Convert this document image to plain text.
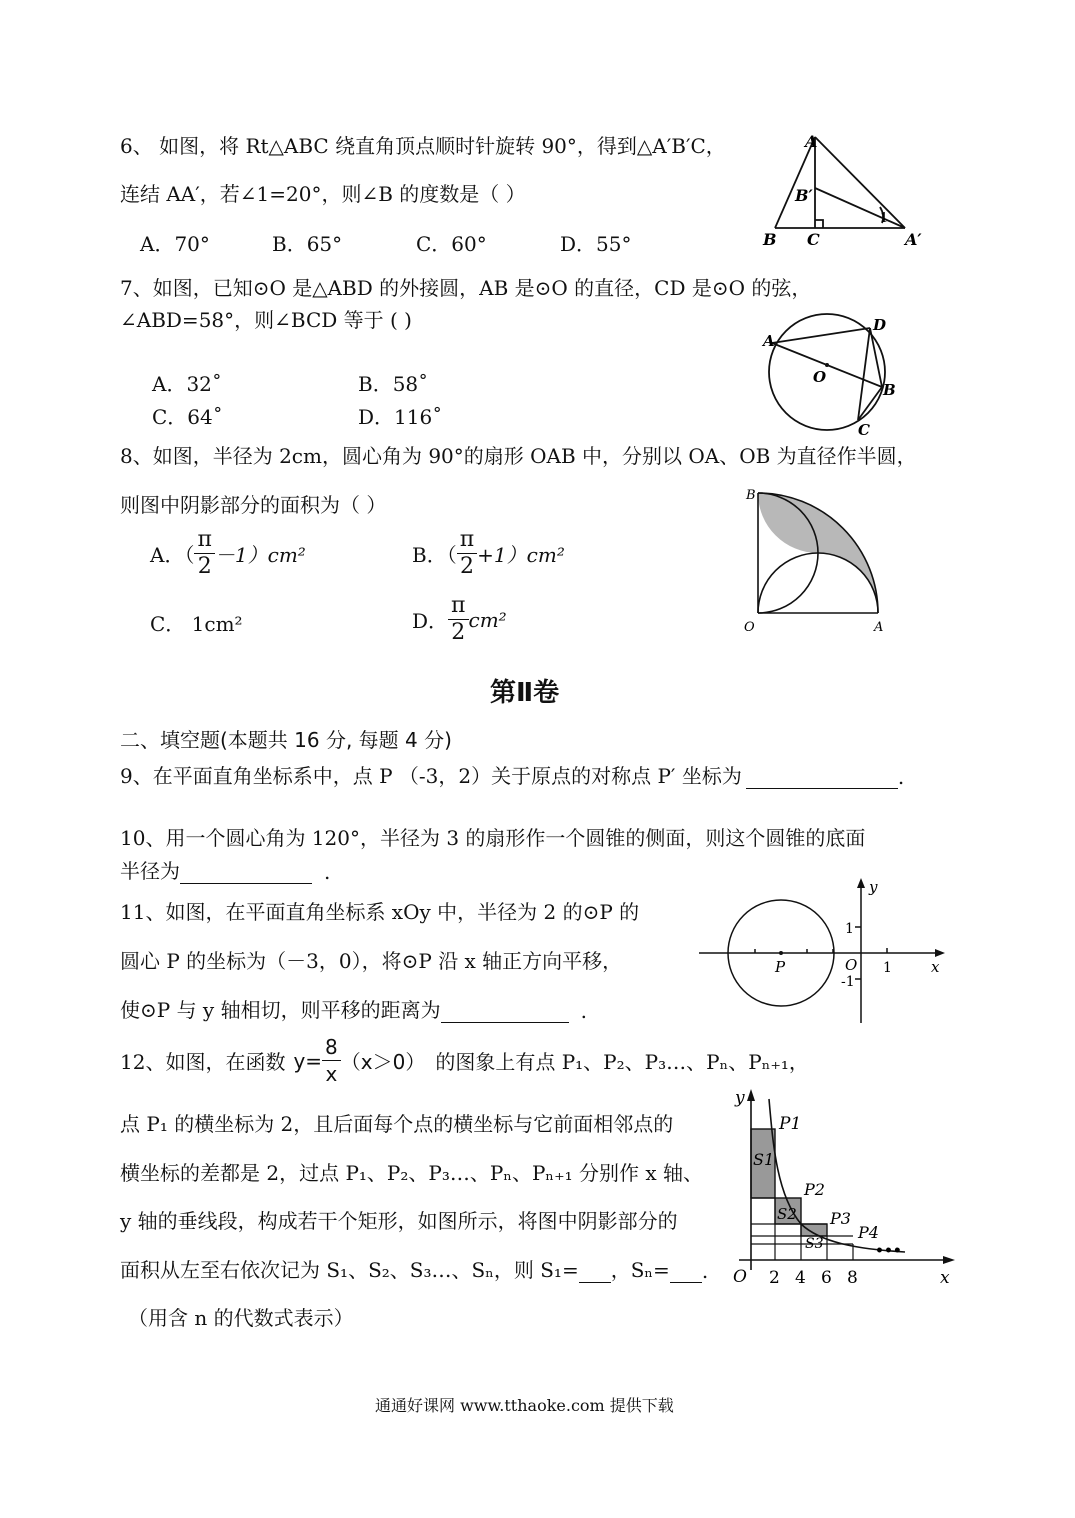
6、 如图，将 Rt△ABC 绕直角顶点顺时针旋转 90°，得到△A′B′C，
连结 AA′，若∠1=20°，则∠B 的度数是（ ）
A．70°	B．65°	C．60°	D．55°
A
B′
B C	A′
1
7、如图，已知⊙O 是△ABD 的外接圆，AB 是⊙O 的直径，CD 是⊙O 的弦，
∠ABD=58°，则∠BCD 等于 ( )
A．32˚	B．58˚
C．64˚	D．116˚
A
D
O
B
C
8、如图，半径为 2cm，圆心角为 90°的扇形 OAB 中，分别以 OA、OB 为直径作半圆，
则图中阴影部分的面积为（ ）
A．（ $\frac{\pi}{2} -1)cm^2$	B．（ $\frac{\pi}{2} +1)cm^2$
C． 1cm²	D． $\frac{\pi}{2} cm^2$
B
O	A
第Ⅱ卷
二、填空题(本题共 16 分, 每题 4 分)
9、在平面直角坐标系中，点 P （-3，2）关于原点的对称点 P′ 坐标为	.
10、用一个圆心角为 120°，半径为 3 的扇形作一个圆锥的侧面，则这个圆锥的底面
半径为	.
11、如图，在平面直角坐标系 xOy 中，半径为 2 的⊙P 的
圆心 P 的坐标为（－3，0），将⊙P 沿 x 轴正方向平移，
使⊙P 与 y 轴相切，则平移的距离为	.
y
1
P	O 1	x
-1
12、如图，在函数 $y= \frac{8}{x} (x>0)$ 的图象上有点 P₁、P₂、P₃…、Pₙ、Pₙ₊₁，
点 P₁ 的横坐标为 2，且后面每个点的横坐标与它前面相邻点的
横坐标的差都是 2，过点 P₁、P₂、P₃…、Pₙ、Pₙ₊₁ 分别作 x 轴、
y 轴的垂线段，构成若干个矩形，如图所示，将图中阴影部分的
面积从左至右依次记为 S₁、S₂、S₃…、Sₙ，则 S₁= ，Sₙ= .
（用含 n 的代数式表示）
y
P1
S1
P2
S2 P3
S3
P4
•••
O 2 4 6 8	x
通通好课网 www.tthaoke.com 提供下载
